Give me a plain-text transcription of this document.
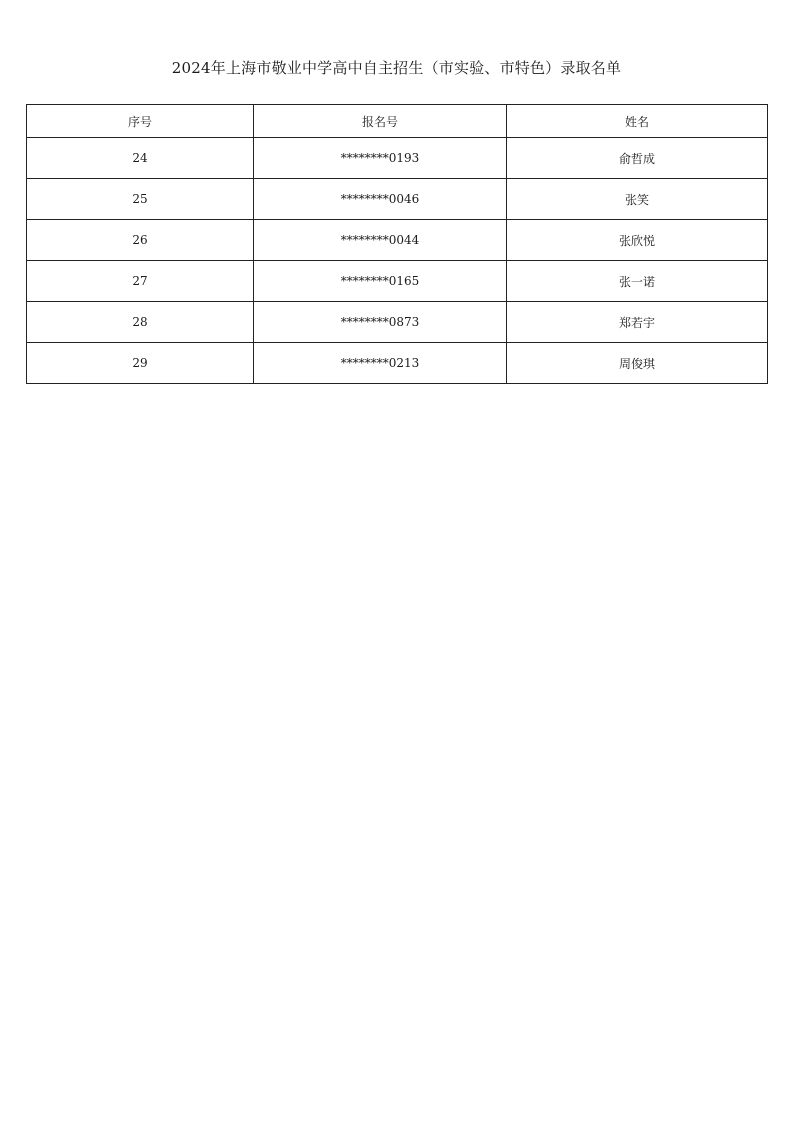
2024年上海市敬业中学高中自主招生（市实验、市特色）录取名单
序号	报名号	姓名
24	********0193	俞哲成
25	********0046	张笑
26	********0044	张欣悦
27	********0165	张一诺
28	********0873	郑若宇
29	********0213	周俊琪
